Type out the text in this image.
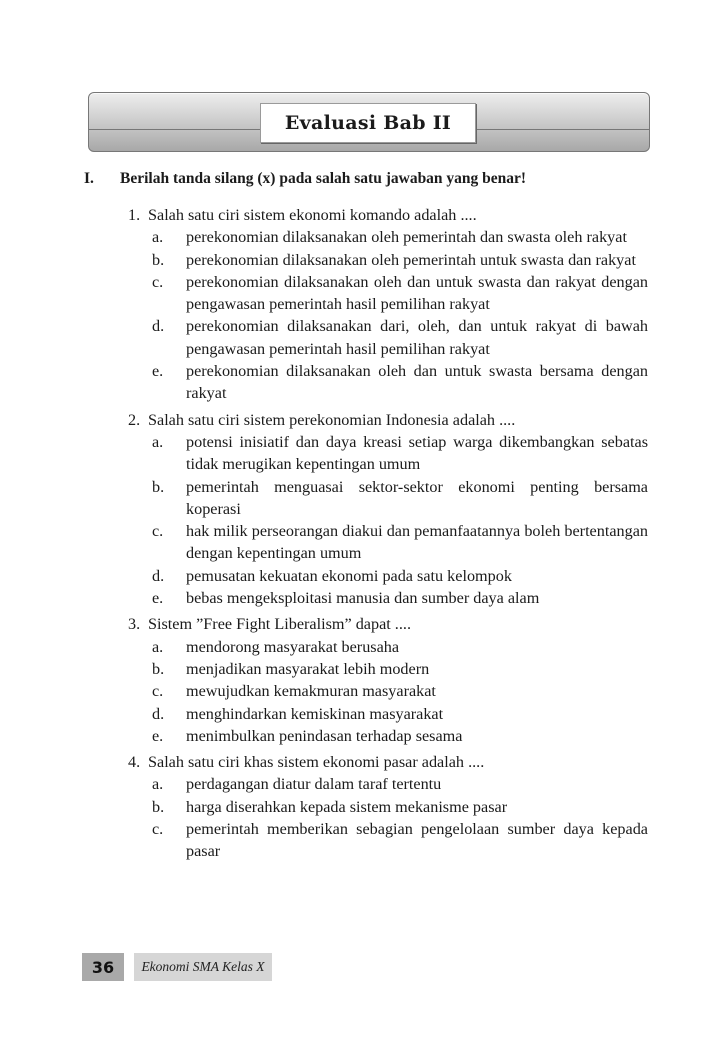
Evaluasi Bab II
I. Berilah tanda silang (x) pada salah satu jawaban yang benar!
1. Salah satu ciri sistem ekonomi komando adalah ....
a.	perekonomian dilaksanakan oleh pemerintah dan swasta oleh rakyat
b.	perekonomian dilaksanakan oleh pemerintah untuk swasta dan rakyat
c.	perekonomian dilaksanakan oleh dan untuk swasta dan rakyat dengan pengawasan pemerintah hasil pemilihan rakyat
d.	perekonomian dilaksanakan dari, oleh, dan untuk rakyat di bawah pengawasan pemerintah hasil pemilihan rakyat
e.	perekonomian dilaksanakan oleh dan untuk swasta bersama dengan rakyat
2. Salah satu ciri sistem perekonomian Indonesia adalah ....
a.	potensi inisiatif dan daya kreasi setiap warga dikembangkan sebatas tidak merugikan kepentingan umum
b.	pemerintah menguasai sektor-sektor ekonomi penting bersama koperasi
c.	hak milik perseorangan diakui dan pemanfaatannya boleh bertentangan dengan kepentingan umum
d.	pemusatan kekuatan ekonomi pada satu kelompok
e.	bebas mengeksploitasi manusia dan sumber daya alam
3. Sistem ”Free Fight Liberalism” dapat ....
a.	mendorong masyarakat berusaha
b.	menjadikan masyarakat lebih modern
c.	mewujudkan kemakmuran masyarakat
d.	menghindarkan kemiskinan masyarakat
e.	menimbulkan penindasan terhadap sesama
4. Salah satu ciri khas sistem ekonomi pasar adalah ....
a.	perdagangan diatur dalam taraf tertentu
b.	harga diserahkan kepada sistem mekanisme pasar
c.	pemerintah memberikan sebagian pengelolaan sumber daya kepada pasar
36	Ekonomi SMA Kelas X
